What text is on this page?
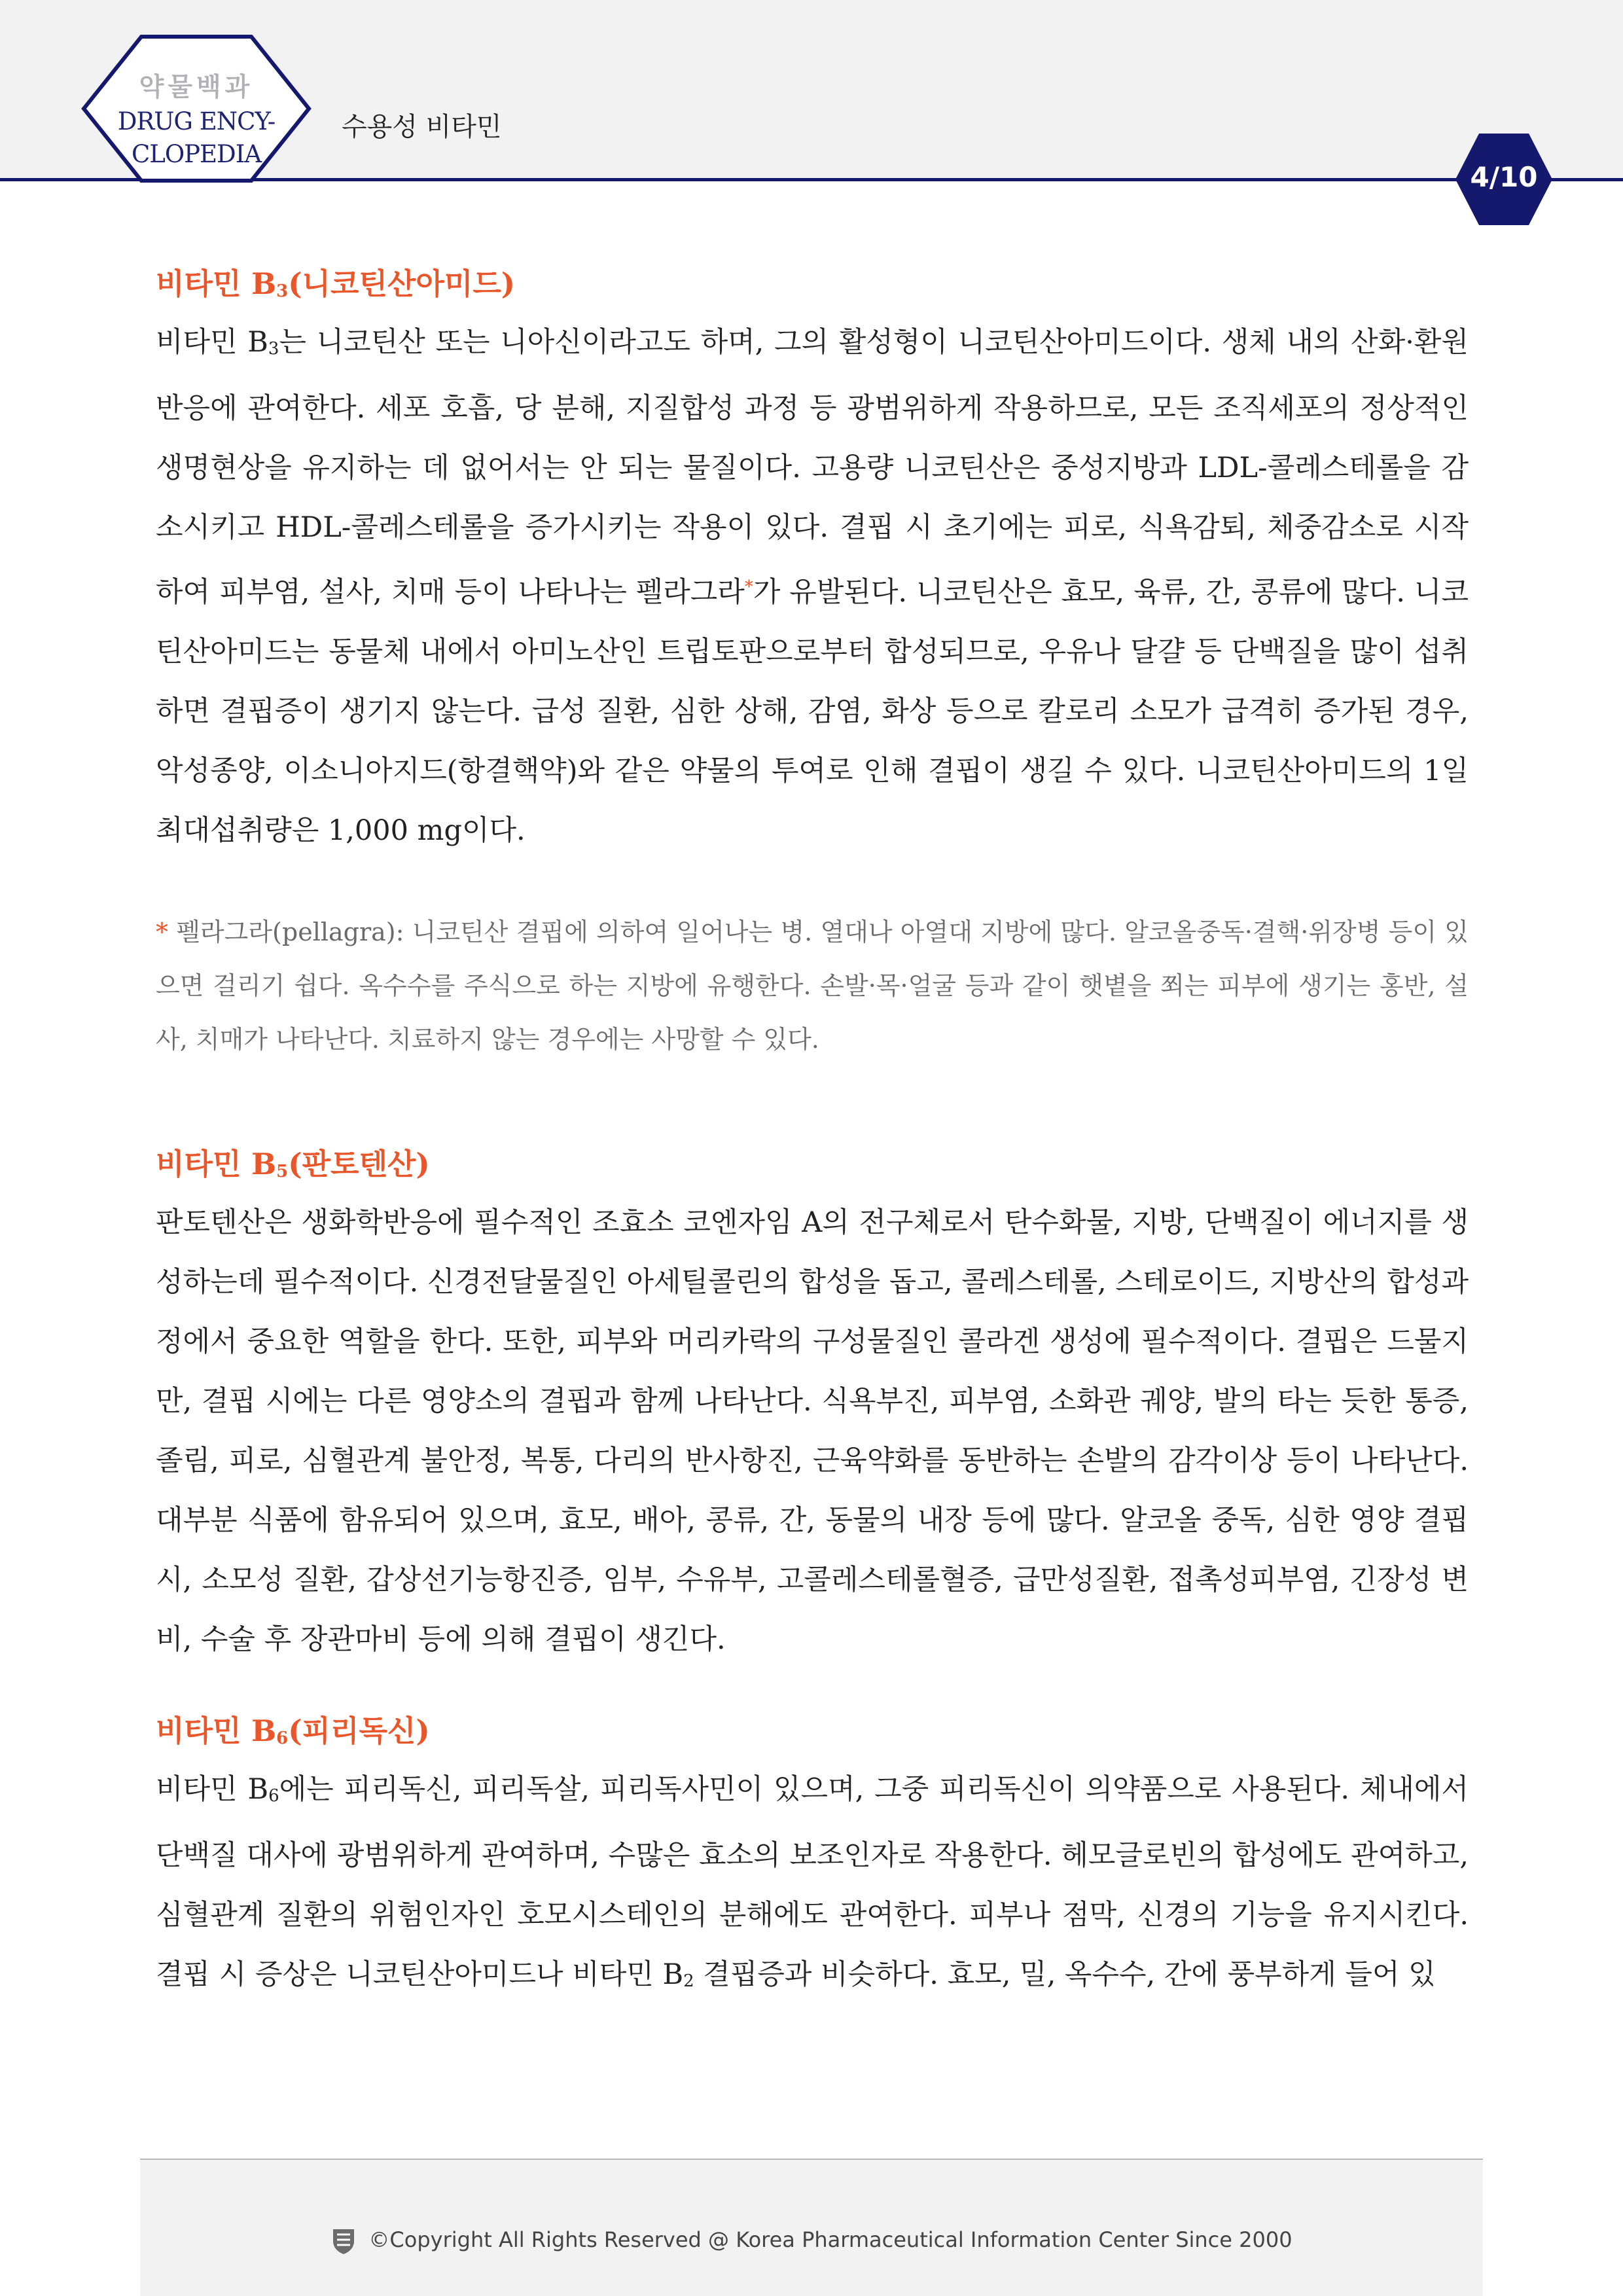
약물백과
DRUG ENCY-
CLOPEDIA
수용성 비타민
4/10
비타민 $B_3$(니코틴산아미드)

비타민 $B_3$는 니코틴산 또는 니아신이라고도 하며, 그의 활성형이 니코틴산아미드이다. 생체 내의 산화·환원 반응에 관여한다. 세포 호흡, 당 분해, 지질합성 과정 등 광범위하게 작용하므로, 모든 조직세포의 정상적인 생명현상을 유지하는 데 없어서는 안 되는 물질이다. 고용량 니코틴산은 중성지방과 LDL-콜레스테롤을 감소시키고 HDL-콜레스테롤을 증가시키는 작용이 있다. 결핍 시 초기에는 피로, 식욕감퇴, 체중감소로 시작하여 피부염, 설사, 치매 등이 나타나는 펠라그라*가 유발된다. 니코틴산은 효모, 육류, 간, 콩류에 많다. 니코틴산아미드는 동물체 내에서 아미노산인 트립토판으로부터 합성되므로, 우유나 달걀 등 단백질을 많이 섭취하면 결핍증이 생기지 않는다. 급성 질환, 심한 상해, 감염, 화상 등으로 칼로리 소모가 급격히 증가된 경우, 악성종양, 이소니아지드(항결핵약)와 같은 약물의 투여로 인해 결핍이 생길 수 있다. 니코틴산아미드의 1일 최대섭취량은 1,000 mg이다.

* 펠라그라(pellagra): 니코틴산 결핍에 의하여 일어나는 병. 열대나 아열대 지방에 많다. 알코올중독·결핵·위장병 등이 있으면 걸리기 쉽다. 옥수수를 주식으로 하는 지방에 유행한다. 손발·목·얼굴 등과 같이 햇볕을 쬐는 피부에 생기는 홍반, 설사, 치매가 나타난다. 치료하지 않는 경우에는 사망할 수 있다.

비타민 $B_5$(판토텐산)

판토텐산은 생화학반응에 필수적인 조효소 코엔자임 A의 전구체로서 탄수화물, 지방, 단백질이 에너지를 생성하는데 필수적이다. 신경전달물질인 아세틸콜린의 합성을 돕고, 콜레스테롤, 스테로이드, 지방산의 합성과정에서 중요한 역할을 한다. 또한, 피부와 머리카락의 구성물질인 콜라겐 생성에 필수적이다. 결핍은 드물지만, 결핍 시에는 다른 영양소의 결핍과 함께 나타난다. 식욕부진, 피부염, 소화관 궤양, 발의 타는 듯한 통증, 졸림, 피로, 심혈관계 불안정, 복통, 다리의 반사항진, 근육약화를 동반하는 손발의 감각이상 등이 나타난다. 대부분 식품에 함유되어 있으며, 효모, 배아, 콩류, 간, 동물의 내장 등에 많다. 알코올 중독, 심한 영양 결핍 시, 소모성 질환, 갑상선기능항진증, 임부, 수유부, 고콜레스테롤혈증, 급만성질환, 접촉성피부염, 긴장성 변비, 수술 후 장관마비 등에 의해 결핍이 생긴다.

비타민 $B_6$(피리독신)

비타민 $B_6$에는 피리독신, 피리독살, 피리독사민이 있으며, 그중 피리독신이 의약품으로 사용된다. 체내에서 단백질 대사에 광범위하게 관여하며, 수많은 효소의 보조인자로 작용한다. 헤모글로빈의 합성에도 관여하고, 심혈관계 질환의 위험인자인 호모시스테인의 분해에도 관여한다. 피부나 점막, 신경의 기능을 유지시킨다. 결핍 시 증상은 니코틴산아미드나 비타민 $B_2$ 결핍증과 비슷하다. 효모, 밀, 옥수수, 간에 풍부하게 들어 있

©Copyright All Rights Reserved @ Korea Pharmaceutical Information Center Since 2000
